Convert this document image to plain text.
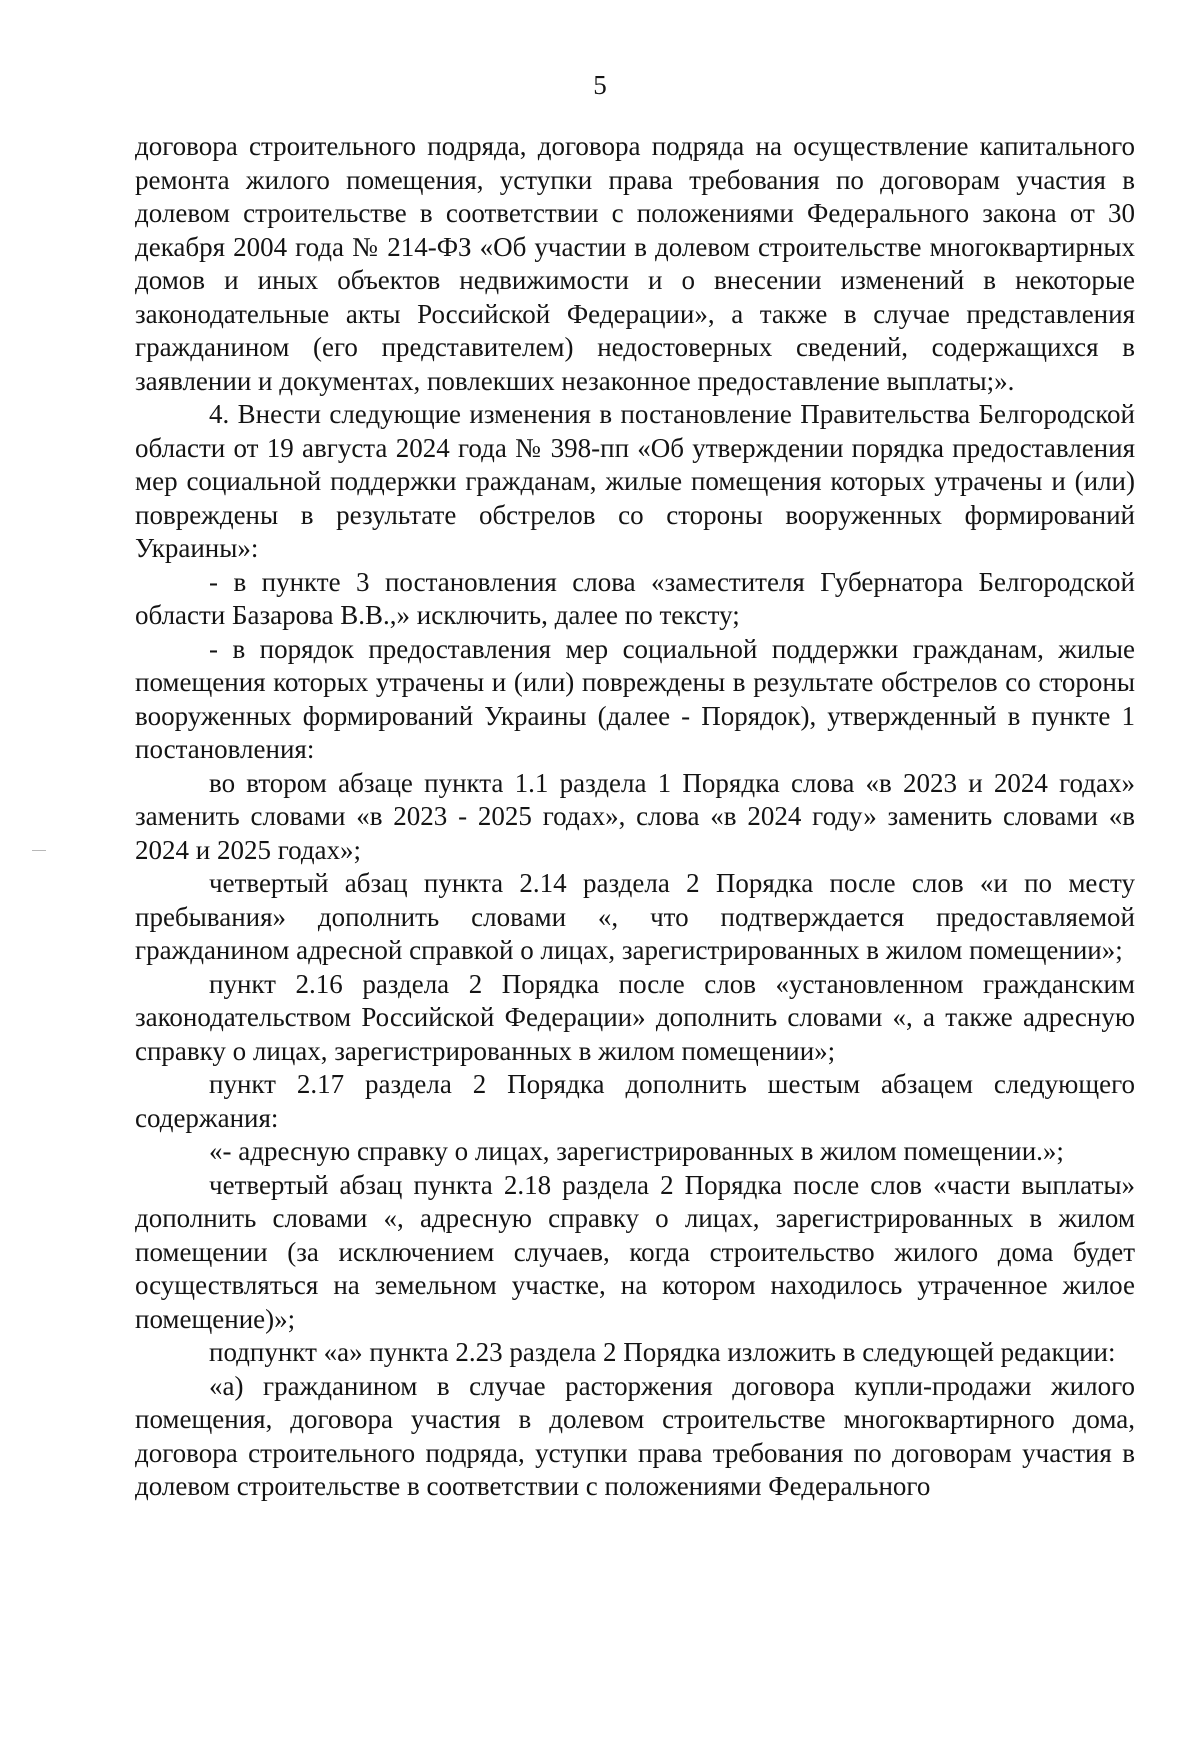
5

договора строительного подряда, договора подряда на осуществление капитального ремонта жилого помещения, уступки права требования по договорам участия в долевом строительстве в соответствии с положениями Федерального закона от 30 декабря 2004 года № 214-ФЗ «Об участии в долевом строительстве многоквартирных домов и иных объектов недвижимости и о внесении изменений в некоторые законодательные акты Российской Федерации», а также в случае представления гражданином (его представителем) недостоверных сведений, содержащихся в заявлении и документах, повлекших незаконное предоставление выплаты;».

4. Внести следующие изменения в постановление Правительства Белгородской области от 19 августа 2024 года № 398-пп «Об утверждении порядка предоставления мер социальной поддержки гражданам, жилые помещения которых утрачены и (или) повреждены в результате обстрелов со стороны вооруженных формирований Украины»:

- в пункте 3 постановления слова «заместителя Губернатора Белгородской области Базарова В.В.,» исключить, далее по тексту;

- в порядок предоставления мер социальной поддержки гражданам, жилые помещения которых утрачены и (или) повреждены в результате обстрелов со стороны вооруженных формирований Украины (далее - Порядок), утвержденный в пункте 1 постановления:

во втором абзаце пункта 1.1 раздела 1 Порядка слова «в 2023 и 2024 годах» заменить словами «в 2023 - 2025 годах», слова «в 2024 году» заменить словами «в 2024 и 2025 годах»;

четвертый абзац пункта 2.14 раздела 2 Порядка после слов «и по месту пребывания» дополнить словами «, что подтверждается предоставляемой гражданином адресной справкой о лицах, зарегистрированных в жилом помещении»;

пункт 2.16 раздела 2 Порядка после слов «установленном гражданским законодательством Российской Федерации» дополнить словами «, а также адресную справку о лицах, зарегистрированных в жилом помещении»;

пункт 2.17 раздела 2 Порядка дополнить шестым абзацем следующего содержания:

«- адресную справку о лицах, зарегистрированных в жилом помещении.»;

четвертый абзац пункта 2.18 раздела 2 Порядка после слов «части выплаты» дополнить словами «, адресную справку о лицах, зарегистрированных в жилом помещении (за исключением случаев, когда строительство жилого дома будет осуществляться на земельном участке, на котором находилось утраченное жилое помещение)»;

подпункт «а» пункта 2.23 раздела 2 Порядка изложить в следующей редакции:

«а) гражданином в случае расторжения договора купли-продажи жилого помещения, договора участия в долевом строительстве многоквартирного дома, договора строительного подряда, уступки права требования по договорам участия в долевом строительстве в соответствии с положениями Федерального
